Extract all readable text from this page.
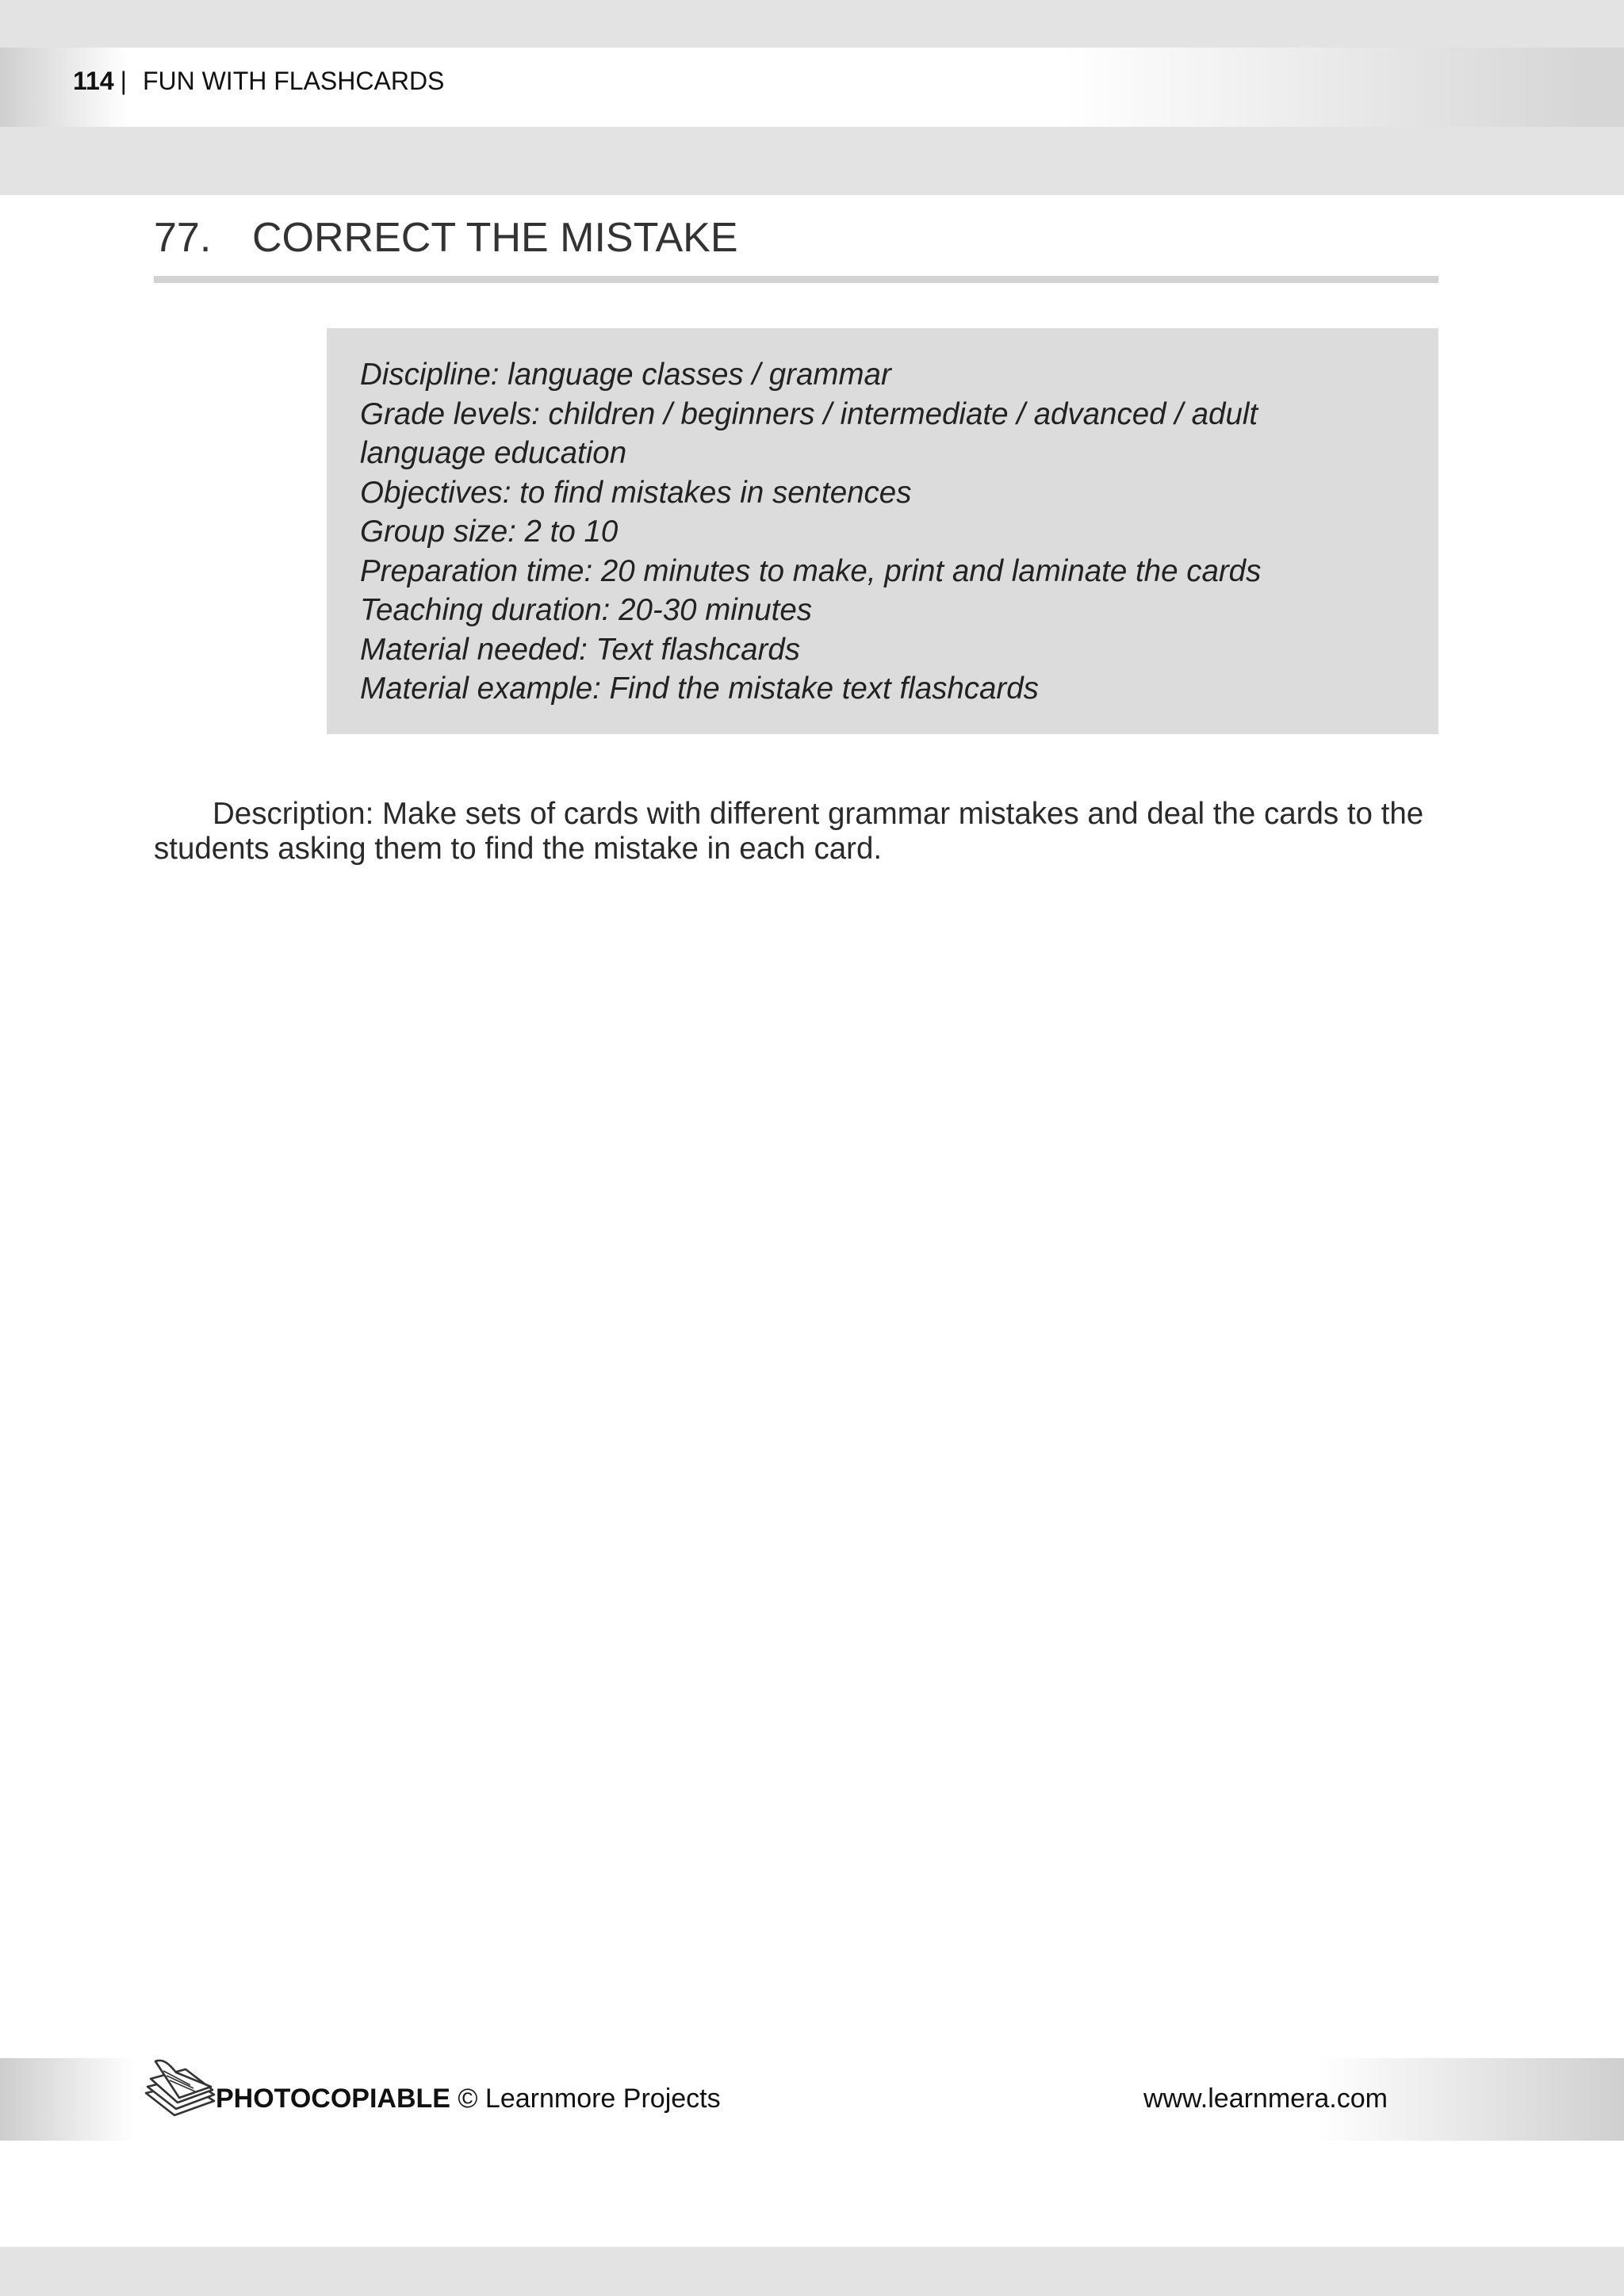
114 | FUN WITH FLASHCARDS
77. CORRECT THE MISTAKE
Discipline: language classes / grammar
Grade levels: children / beginners / intermediate / advanced / adult
language education
Objectives: to find mistakes in sentences
Group size: 2 to 10
Preparation time: 20 minutes to make, print and laminate the cards
Teaching duration: 20-30 minutes
Material needed: Text flashcards
Material example: Find the mistake text flashcards
Description: Make sets of cards with different grammar mistakes and deal the cards to the students asking them to find the mistake in each card.
PHOTOCOPIABLE © Learnmore Projects	www.learnmera.com
